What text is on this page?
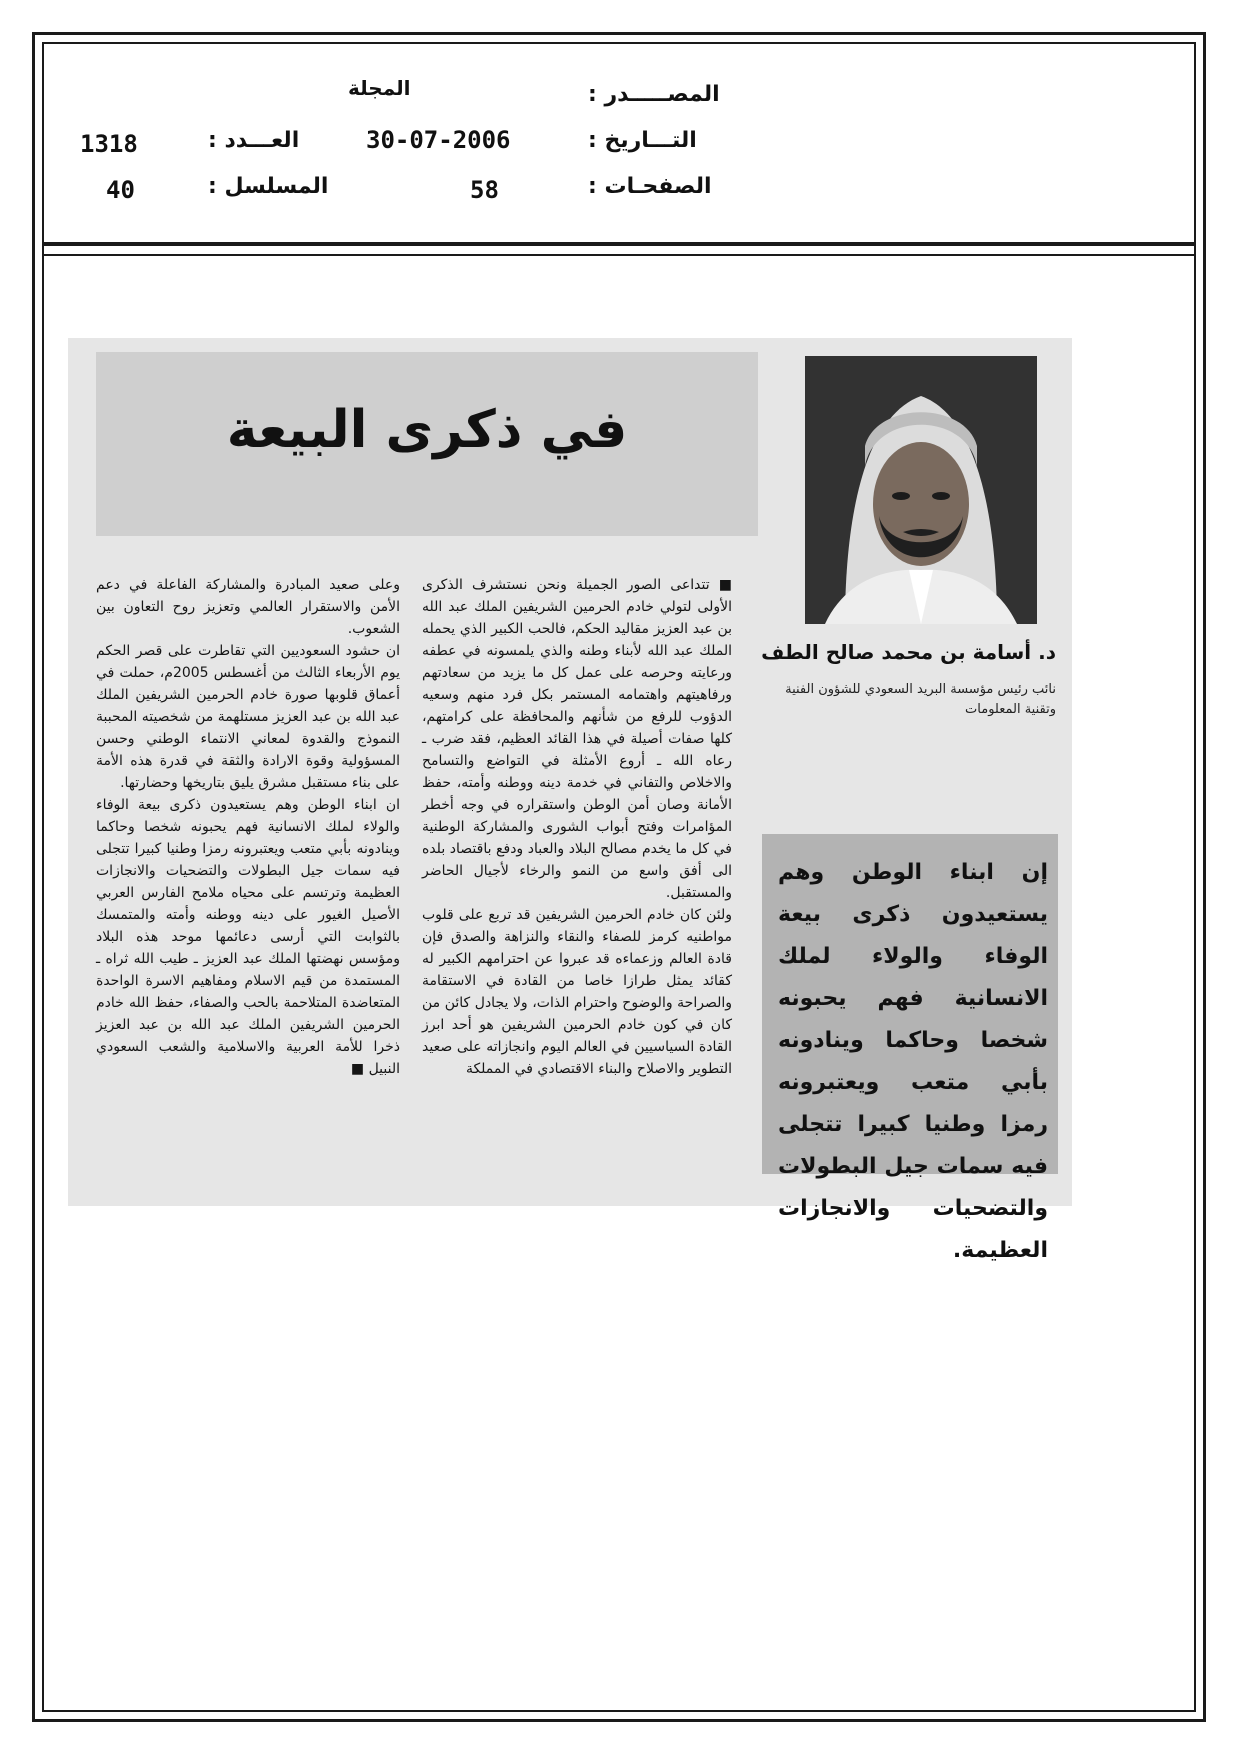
المصـــــدر :
المجلة
التـــاريخ :
30-07-2006
العـــدد :
1318
الصفحـات :
58
المسلسل :
40
في ذكرى البيعة
د. أسامة بن محمد صالح الطف
نائب رئيس مؤسسة البريد السعودي للشؤون الفنية وتقنية المعلومات
إن ابناء الوطن وهم يستعيدون ذكرى بيعة الوفاء والولاء لملك الانسانية فهم يحبونه شخصا وحاكما وينادونه بأبي متعب ويعتبرونه رمزا وطنيا كبيرا تتجلى فيه سمات جيل البطولات والتضحيات والانجازات العظيمة.

■ تتداعى الصور الجميلة ونحن نستشرف الذكرى الأولى لتولي خادم الحرمين الشريفين الملك عبد الله بن عبد العزيز مقاليد الحكم، فالحب الكبير الذي يحمله الملك عبد الله لأبناء وطنه والذي يلمسونه في عطفه ورعايته وحرصه على عمل كل ما يزيد من سعادتهم ورفاهيتهم واهتمامه المستمر بكل فرد منهم وسعيه الدؤوب للرفع من شأنهم والمحافظة على كرامتهم، كلها صفات أصيلة في هذا القائد العظيم، فقد ضرب ـ رعاه الله ـ أروع الأمثلة في التواضع والتسامح والاخلاص والتفاني في خدمة دينه ووطنه وأمته، حفظ الأمانة وصان أمن الوطن واستقراره في وجه أخطر المؤامرات وفتح أبواب الشورى والمشاركة الوطنية في كل ما يخدم مصالح البلاد والعباد ودفع باقتصاد بلده الى أفق واسع من النمو والرخاء لأجيال الحاضر والمستقبل.

ولئن كان خادم الحرمين الشريفين قد تربع على قلوب مواطنيه كرمز للصفاء والنقاء والنزاهة والصدق فإن قادة العالم وزعماءه قد عبروا عن احترامهم الكبير له كقائد يمثل طرازا خاصا من القادة في الاستقامة والصراحة والوضوح واحترام الذات، ولا يجادل كائن من كان في كون خادم الحرمين الشريفين هو أحد ابرز القادة السياسيين في العالم اليوم وانجازاته على صعيد التطوير والاصلاح والبناء الاقتصادي في المملكة

وعلى صعيد المبادرة والمشاركة الفاعلة في دعم الأمن والاستقرار العالمي وتعزيز روح التعاون بين الشعوب.

ان حشود السعوديين التي تقاطرت على قصر الحكم يوم الأربعاء الثالث من أغسطس 2005م، حملت في أعماق قلوبها صورة خادم الحرمين الشريفين الملك عبد الله بن عبد العزيز مستلهمة من شخصيته المحببة النموذج والقدوة لمعاني الانتماء الوطني وحسن المسؤولية وقوة الارادة والثقة في قدرة هذه الأمة على بناء مستقبل مشرق يليق بتاريخها وحضارتها.

ان ابناء الوطن وهم يستعيدون ذكرى بيعة الوفاء والولاء لملك الانسانية فهم يحبونه شخصا وحاكما وينادونه بأبي متعب ويعتبرونه رمزا وطنيا كبيرا تتجلى فيه سمات جيل البطولات والتضحيات والانجازات العظيمة وترتسم على محياه ملامح الفارس العربي الأصيل الغيور على دينه ووطنه وأمته والمتمسك بالثوابت التي أرسى دعائمها موحد هذه البلاد ومؤسس نهضتها الملك عبد العزيز ـ طيب الله ثراه ـ المستمدة من قيم الاسلام ومفاهيم الاسرة الواحدة المتعاضدة المتلاحمة بالحب والصفاء، حفظ الله خادم الحرمين الشريفين الملك عبد الله بن عبد العزيز ذخرا للأمة العربية والاسلامية والشعب السعودي النبيل ■
